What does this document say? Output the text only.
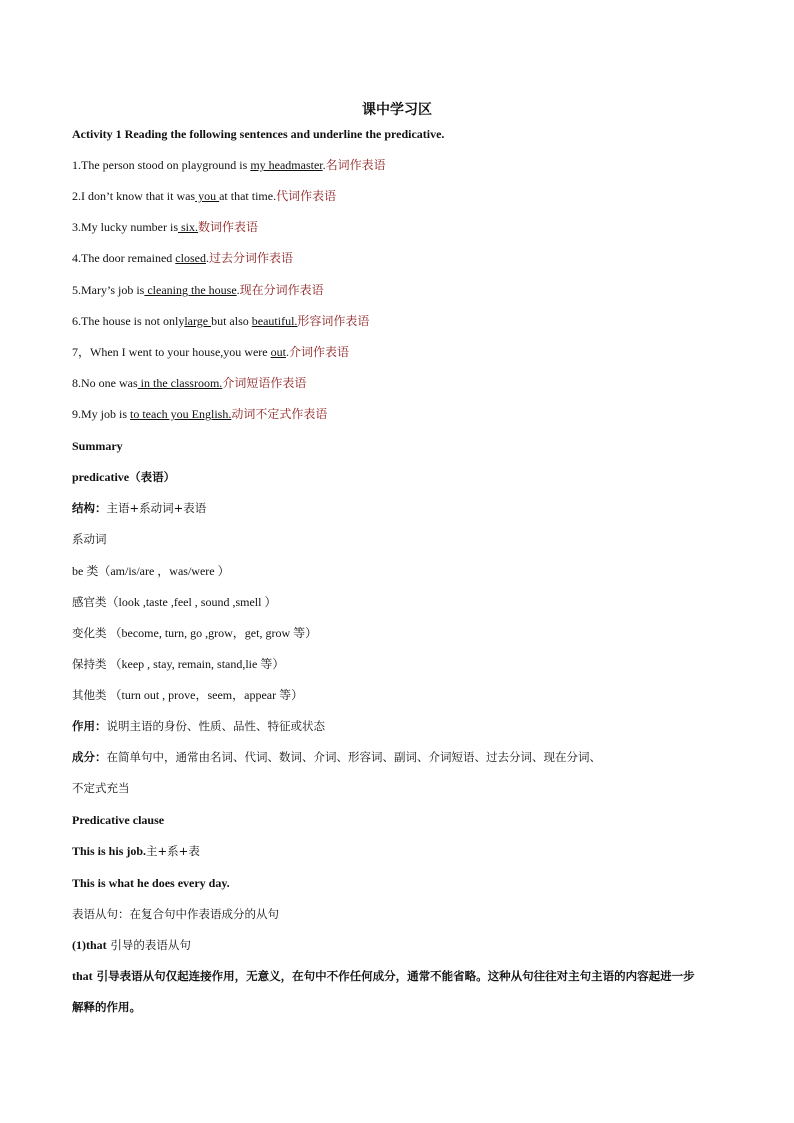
课中学习区
Activity 1 Reading the following sentences and underline the predicative.
1.The person stood on playground is my headmaster.名词作表语
2.I don’t know that it was you at that time.代词作表语
3.My lucky number is six.数词作表语
4.The door remained closed.过去分词作表语
5.Mary’s job is cleaning the house.现在分词作表语
6.The house is not onlylarge but also beautiful.形容词作表语
7，When I went to your house,you were out.介词作表语
8.No one was in the classroom.介词短语作表语
9.My job is to teach you English.动词不定式作表语
Summary
predicative（表语）
结构：主语+系动词+表语
系动词
be 类（am/is/are ，was/were ）
感官类（look ,taste ,feel , sound ,smell ）
变化类 （become, turn, go ,grow，get, grow 等）
保持类 （keep , stay, remain, stand,lie 等）
其他类 （turn out , prove，seem，appear 等）
作用：说明主语的身份、性质、品性、特征或状态
成分：在简单句中，通常由名词、代词、数词、介词、形容词、副词、介词短语、过去分词、现在分词、
不定式充当
Predicative clause
This is his job.主+系+表
This is what he does every day.
表语从句：在复合句中作表语成分的从句
(1)that 引导的表语从句
that 引导表语从句仅起连接作用，无意义，在句中不作任何成分，通常不能省略。这种从句往往对主句主语的内容起进一步
解释的作用。
